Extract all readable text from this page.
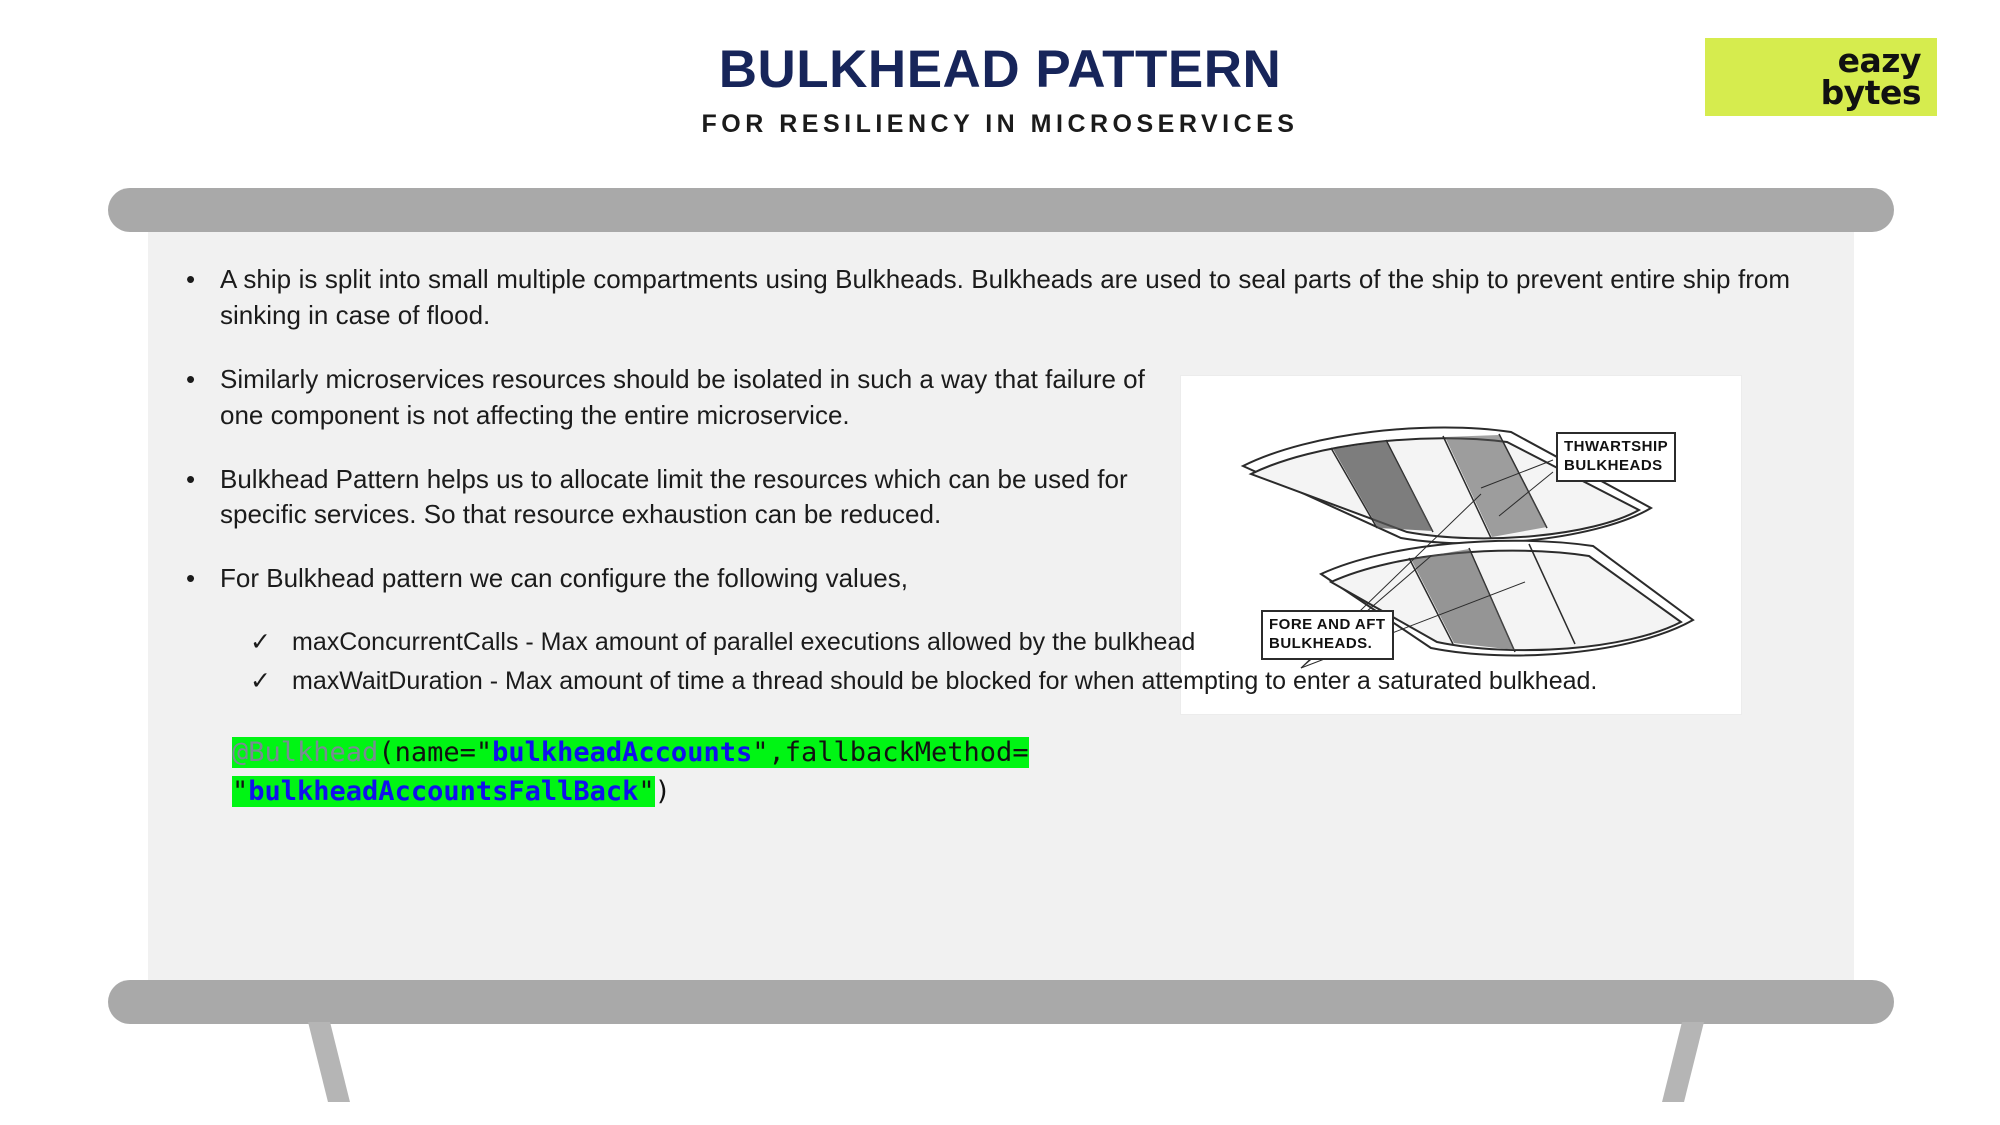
BULKHEAD PATTERN
FOR RESILIENCY IN MICROSERVICES
eazy
bytes
THWARTSHIP
BULKHEADS
FORE AND AFT
BULKHEADS.
• A ship is split into small multiple compartments using Bulkheads. Bulkheads are used to seal parts of the ship to prevent entire ship from sinking in case of flood.
• Similarly microservices resources should be isolated in such a way that failure of one component is not affecting the entire microservice.
• Bulkhead Pattern helps us to allocate limit the resources which can be used for specific services. So that resource exhaustion can be reduced.
• For Bulkhead pattern we can configure the following values,
✓ maxConcurrentCalls - Max amount of parallel executions allowed by the bulkhead
✓ maxWaitDuration - Max amount of time a thread should be blocked for when attempting to enter a saturated bulkhead.
@Bulkhead(name="bulkheadAccounts",fallbackMethod=
"bulkheadAccountsFallBack")
